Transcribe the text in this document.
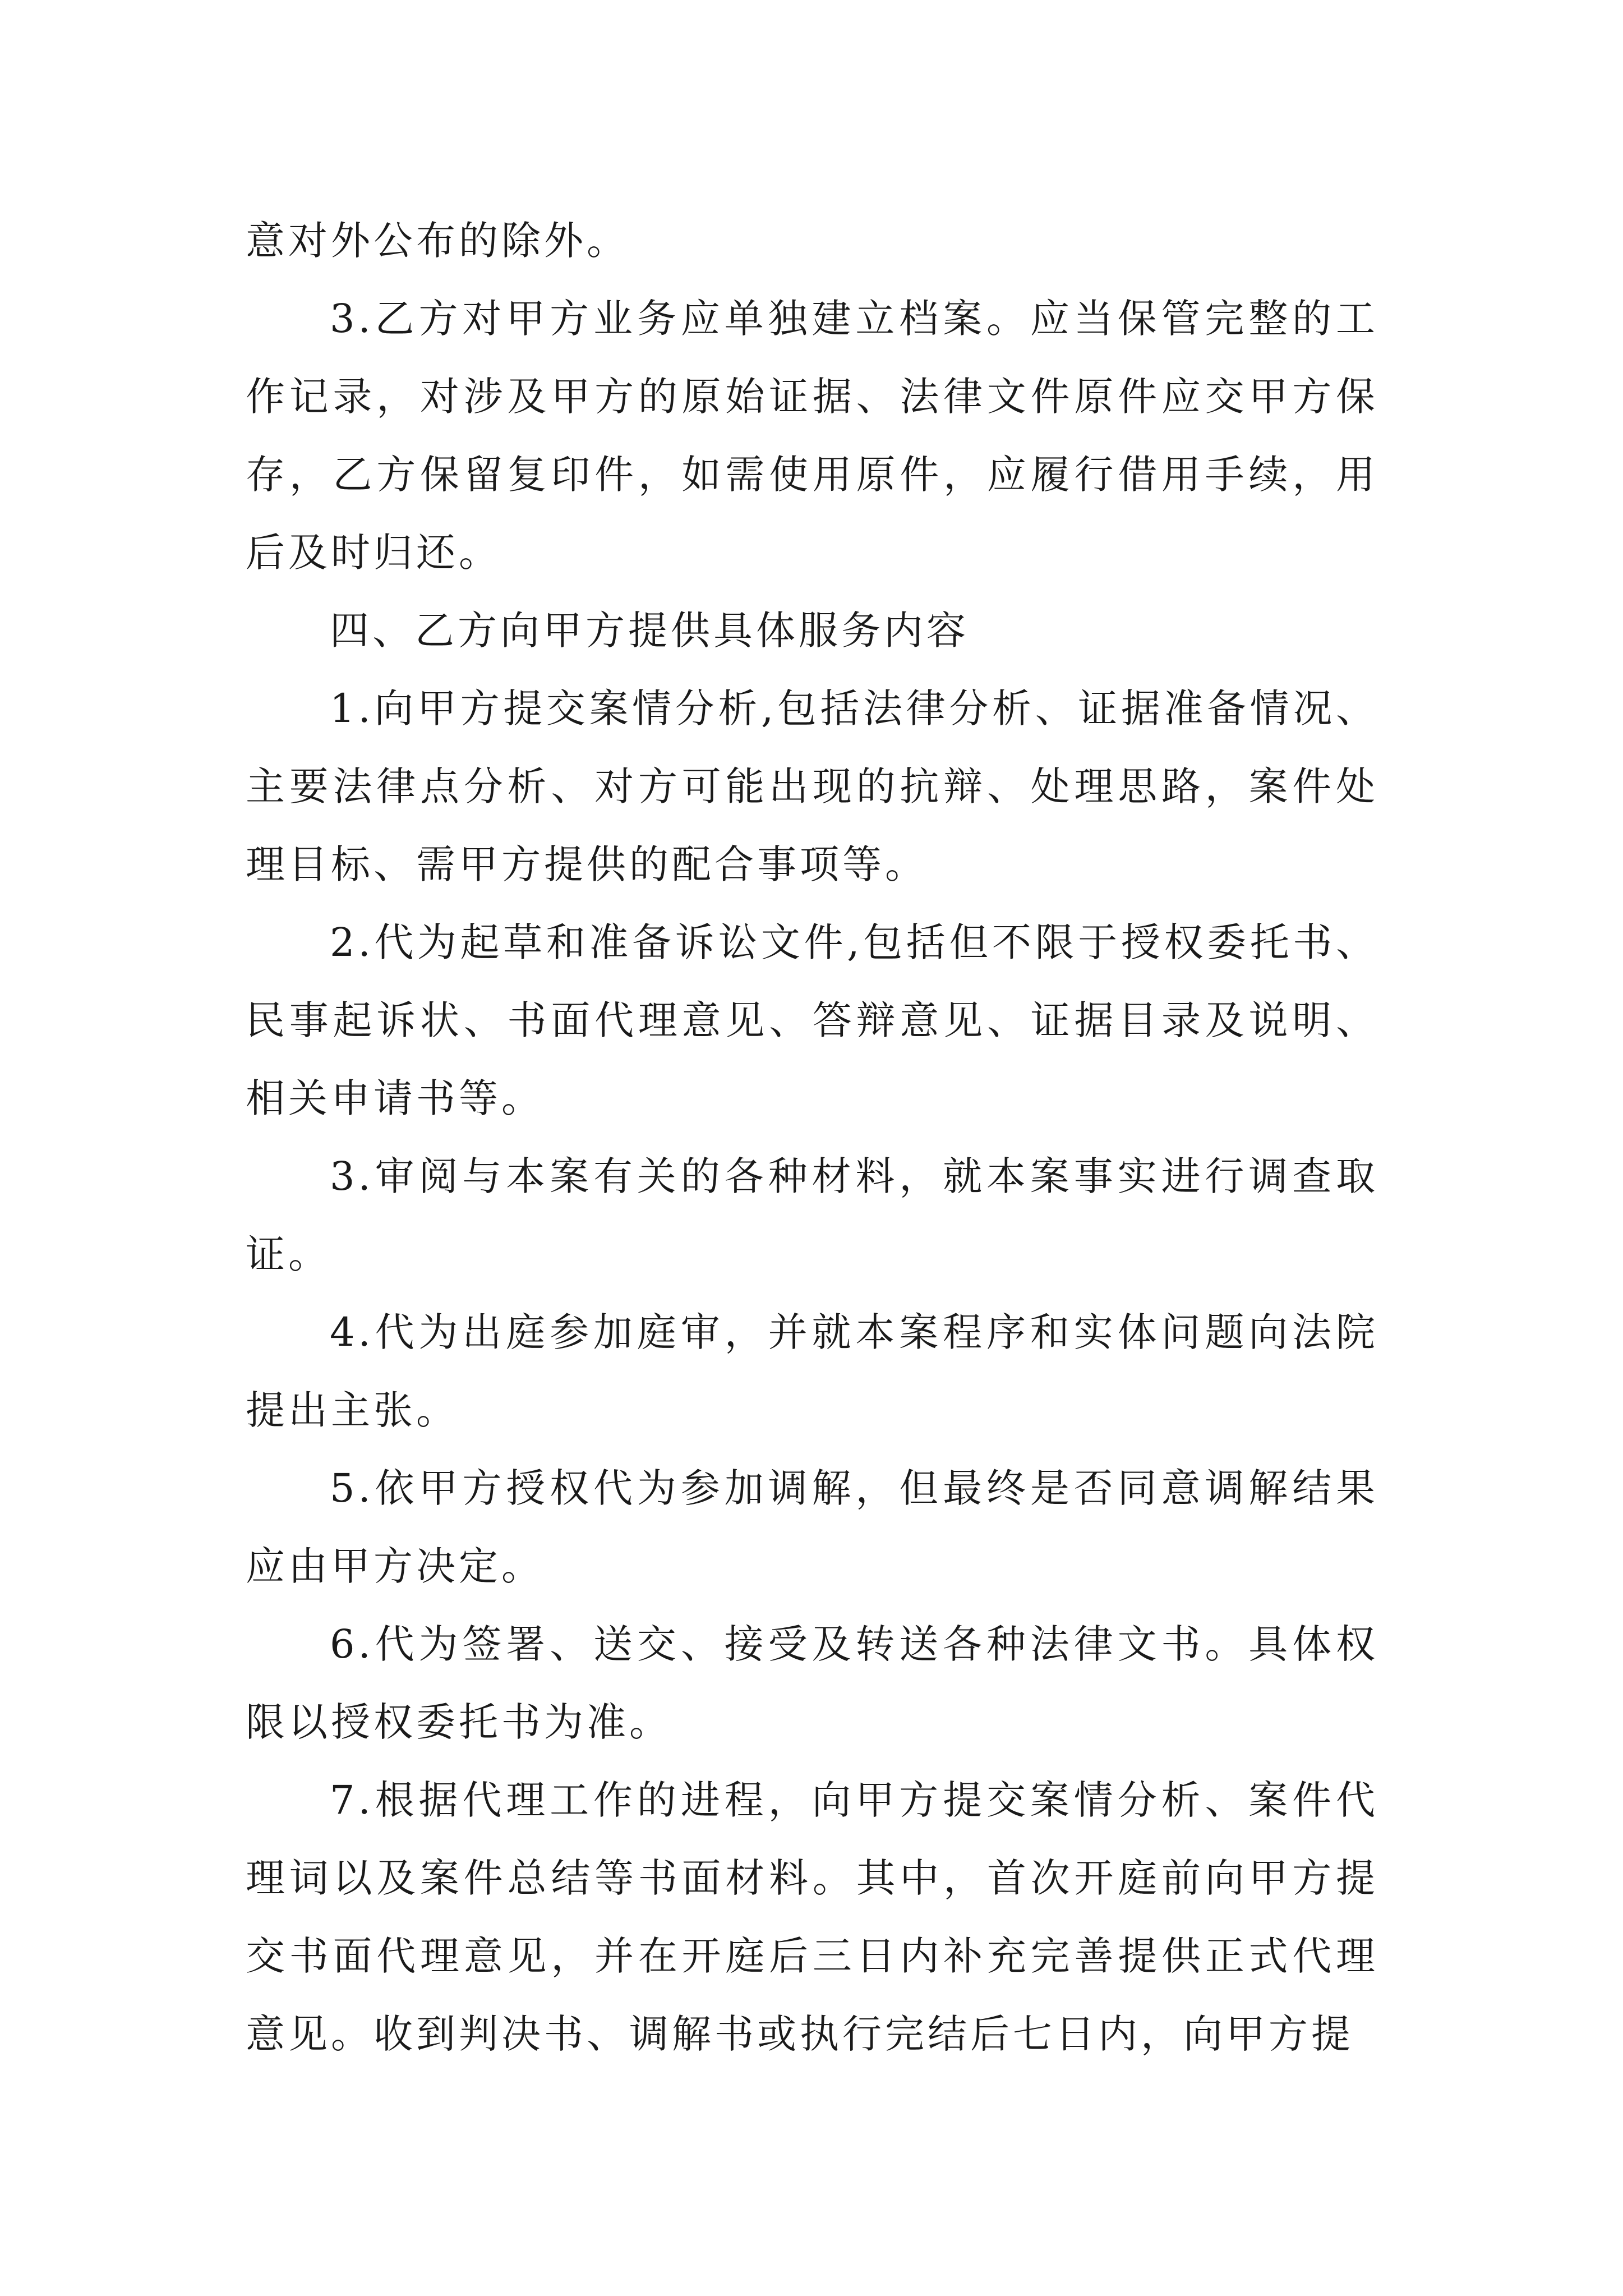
意对外公布的除外。

3.乙方对甲方业务应单独建立档案。应当保管完整的工作记录，对涉及甲方的原始证据、法律文件原件应交甲方保存，乙方保留复印件，如需使用原件，应履行借用手续，用后及时归还。

四、乙方向甲方提供具体服务内容

1.向甲方提交案情分析,包括法律分析、证据准备情况、主要法律点分析、对方可能出现的抗辩、处理思路，案件处理目标、需甲方提供的配合事项等。

2.代为起草和准备诉讼文件,包括但不限于授权委托书、民事起诉状、书面代理意见、答辩意见、证据目录及说明、相关申请书等。

3.审阅与本案有关的各种材料，就本案事实进行调查取证。

4.代为出庭参加庭审，并就本案程序和实体问题向法院提出主张。

5.依甲方授权代为参加调解，但最终是否同意调解结果应由甲方决定。

6.代为签署、送交、接受及转送各种法律文书。具体权限以授权委托书为准。

7.根据代理工作的进程，向甲方提交案情分析、案件代理词以及案件总结等书面材料。其中，首次开庭前向甲方提交书面代理意见，并在开庭后三日内补充完善提供正式代理意见。收到判决书、调解书或执行完结后七日内，向甲方提
